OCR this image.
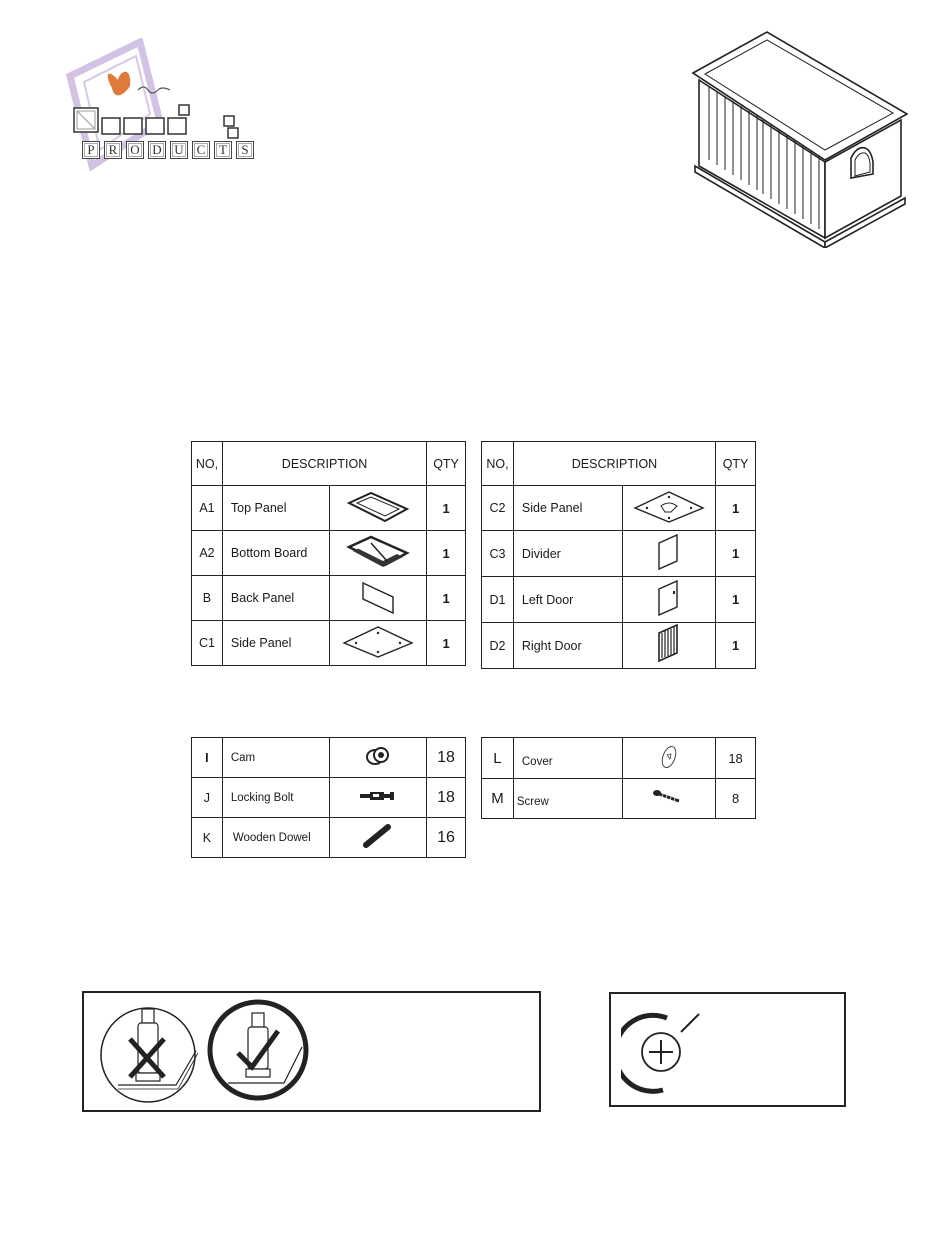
P	R O D U C	T	S
NO,	DESCRIPTION		QTY
A1	Top Panel		1
A2	Bottom Board		1
B	Back Panel		1
C1	Side Panel		1
NO,	DESCRIPTION		QTY
C2	Side Panel		1
C3	Divider		1
D1	Left Door		1
D2	Right Door		1
I	Cam		18
J	Locking Bolt		18
K	Wooden Dowel		16
L	Cover		18
M	Screw		8
